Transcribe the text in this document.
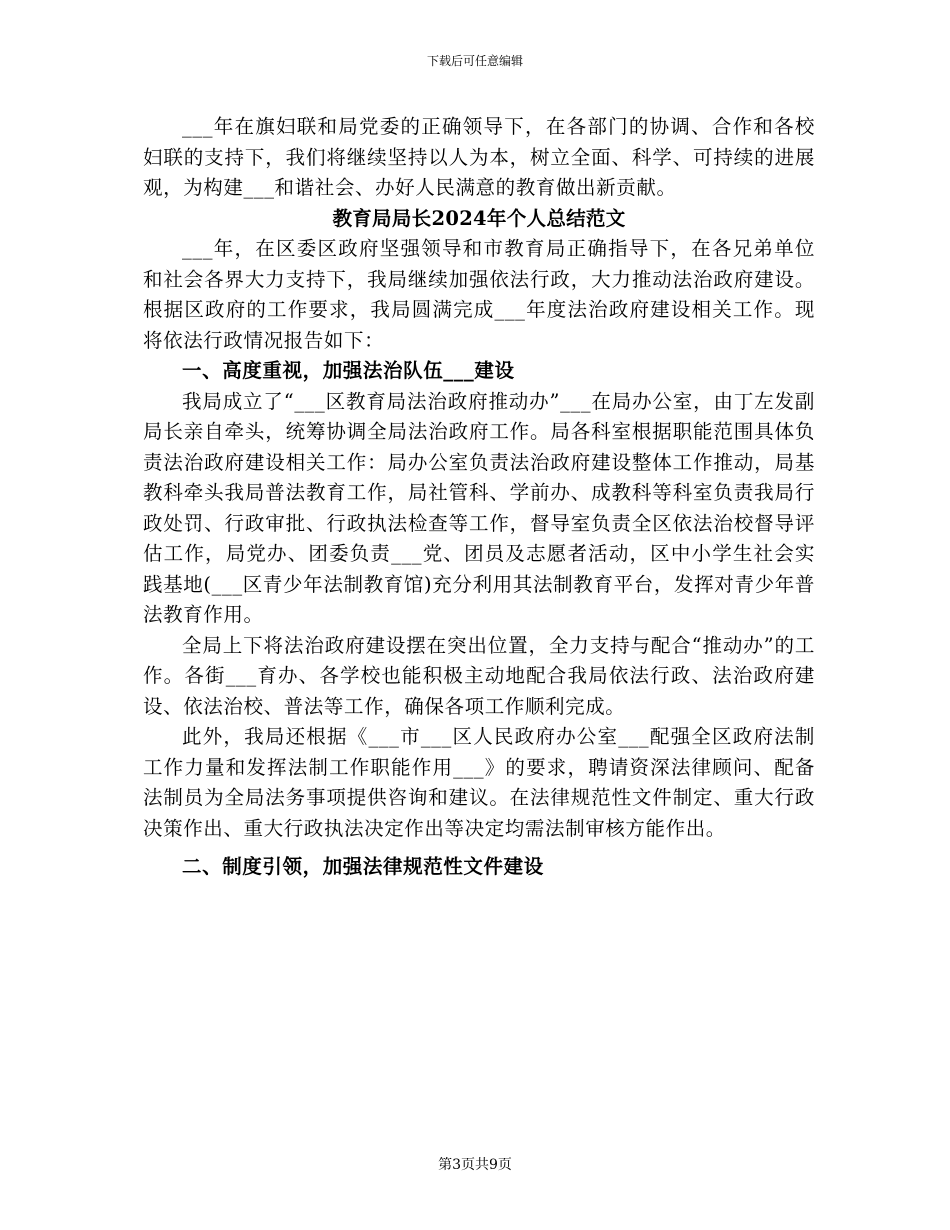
下载后可任意编辑

___年在旗妇联和局党委的正确领导下，在各部门的协调、合作和各校妇联的支持下，我们将继续坚持以人为本，树立全面、科学、可持续的进展观，为构建___和谐社会、办好人民满意的教育做出新贡献。

教育局局长2024年个人总结范文

___年，在区委区政府坚强领导和市教育局正确指导下，在各兄弟单位和社会各界大力支持下，我局继续加强依法行政，大力推动法治政府建设。根据区政府的工作要求，我局圆满完成___年度法治政府建设相关工作。现将依法行政情况报告如下：

一、高度重视，加强法治队伍___建设

我局成立了“___区教育局法治政府推动办”___在局办公室，由丁左发副局长亲自牵头，统筹协调全局法治政府工作。局各科室根据职能范围具体负责法治政府建设相关工作：局办公室负责法治政府建设整体工作推动，局基教科牵头我局普法教育工作，局社管科、学前办、成教科等科室负责我局行政处罚、行政审批、行政执法检查等工作，督导室负责全区依法治校督导评估工作，局党办、团委负责___党、团员及志愿者活动，区中小学生社会实践基地(___区青少年法制教育馆)充分利用其法制教育平台，发挥对青少年普法教育作用。

全局上下将法治政府建设摆在突出位置，全力支持与配合“推动办”的工作。各街___育办、各学校也能积极主动地配合我局依法行政、法治政府建设、依法治校、普法等工作，确保各项工作顺利完成。

此外，我局还根据《___市___区人民政府办公室___配强全区政府法制工作力量和发挥法制工作职能作用___》的要求，聘请资深法律顾问、配备法制员为全局法务事项提供咨询和建议。在法律规范性文件制定、重大行政决策作出、重大行政执法决定作出等决定均需法制审核方能作出。

二、制度引领，加强法律规范性文件建设
第3页共9页
